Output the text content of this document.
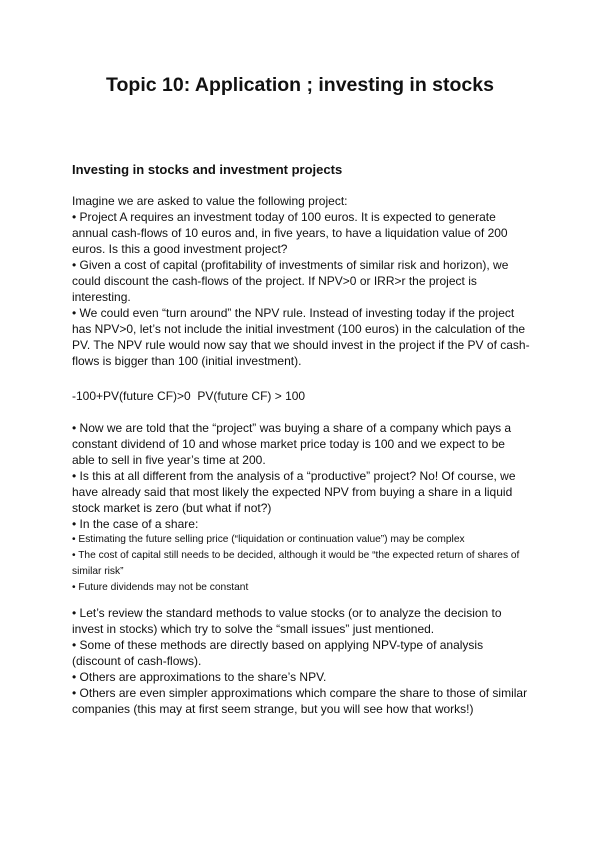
Topic 10: Application ; investing in stocks
Investing in stocks and investment projects

Imagine we are asked to value the following project:

• Project A requires an investment today of 100 euros. It is expected to generate annual cash-flows of 10 euros and, in five years, to have a liquidation value of 200 euros. Is this a good investment project?

• Given a cost of capital (profitability of investments of similar risk and horizon), we could discount the cash-flows of the project. If NPV>0 or IRR>r the project is interesting.

• We could even “turn around” the NPV rule. Instead of investing today if the project has NPV>0, let’s not include the initial investment (100 euros) in the calculation of the PV. The NPV rule would now say that we should invest in the project if the PV of cash-flows is bigger than 100 (initial investment).

-100+PV(future CF)>0  PV(future CF) > 100

• Now we are told that the “project” was buying a share of a company which pays a constant dividend of 10 and whose market price today is 100 and we expect to be able to sell in five year’s time at 200.

• Is this at all different from the analysis of a “productive” project? No! Of course, we have already said that most likely the expected NPV from buying a share in a liquid stock market is zero (but what if not?)

• In the case of a share:

• Estimating the future selling price (“liquidation or continuation value”) may be complex

• The cost of capital still needs to be decided, although it would be “the expected return of shares of similar risk”

• Future dividends may not be constant

• Let’s review the standard methods to value stocks (or to analyze the decision to invest in stocks) which try to solve the “small issues” just mentioned.

• Some of these methods are directly based on applying NPV-type of analysis (discount of cash-flows).

• Others are approximations to the share’s NPV.

• Others are even simpler approximations which compare the share to those of similar companies (this may at first seem strange, but you will see how that works!)
